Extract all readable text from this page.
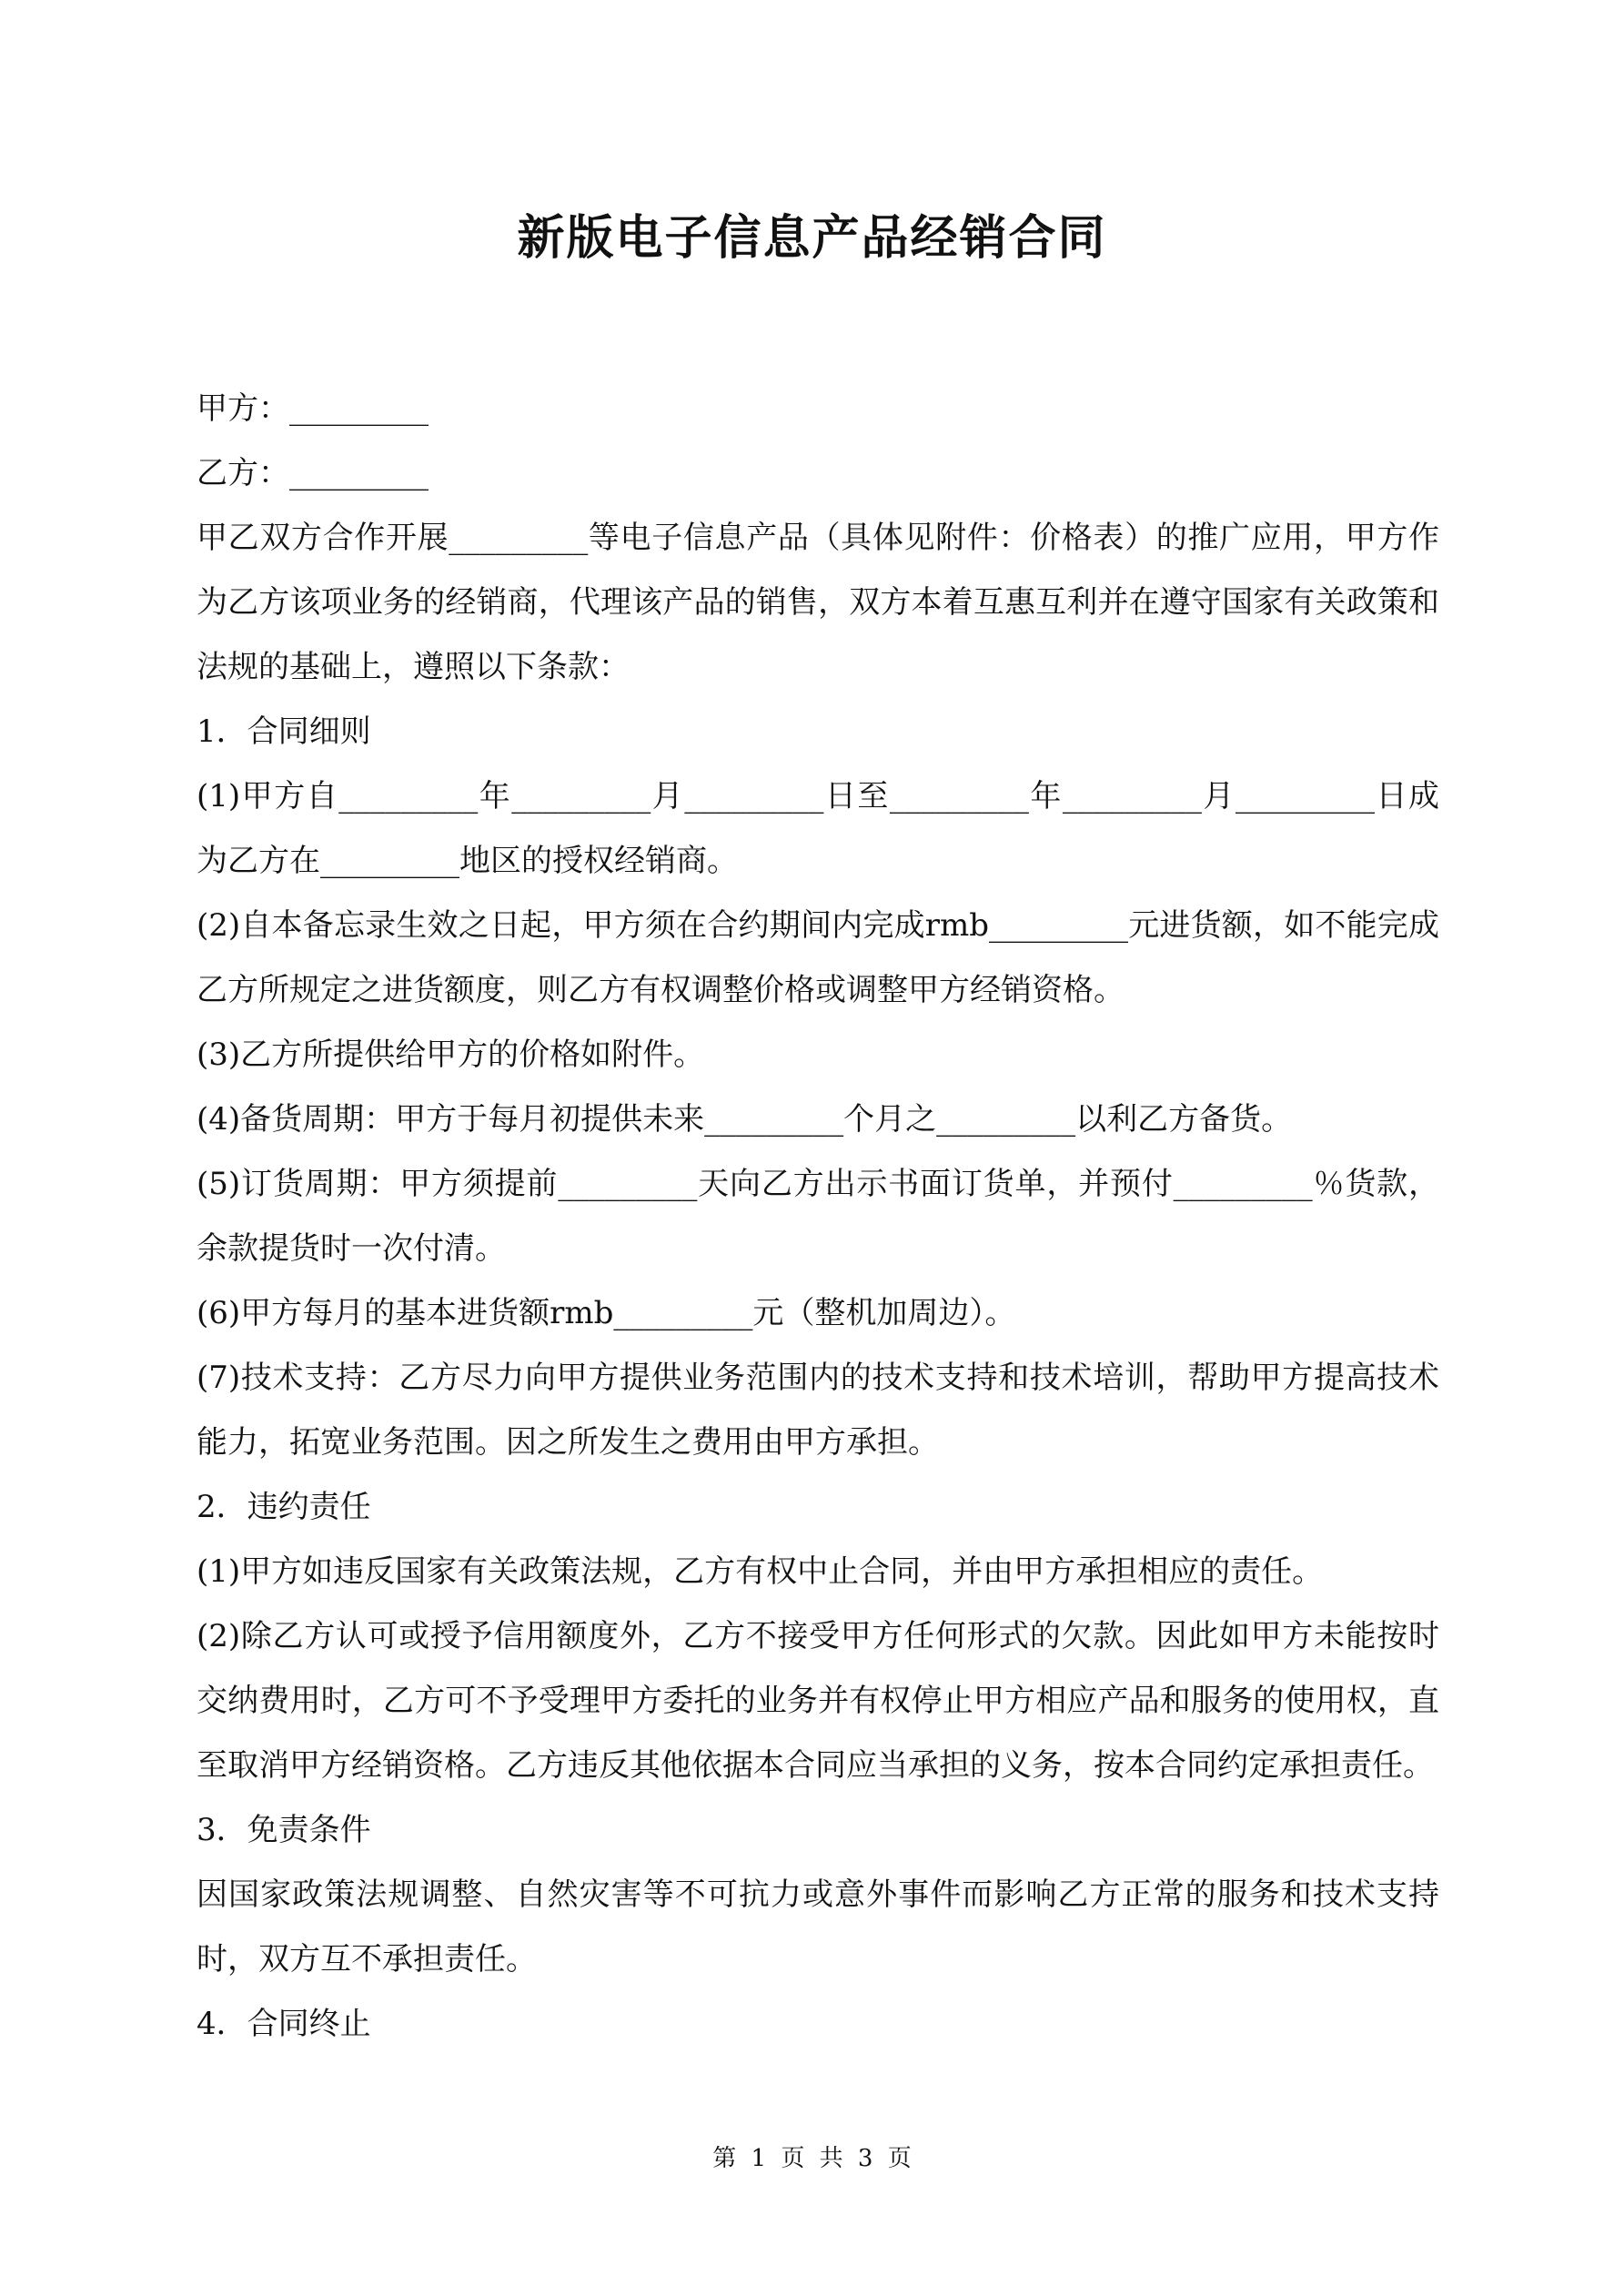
新版电子信息产品经销合同

甲方：_________

乙方：_________

甲乙双方合作开展_________等电子信息产品（具体见附件：价格表）的推广应用，甲方作为乙方该项业务的经销商，代理该产品的销售，双方本着互惠互利并在遵守国家有关政策和法规的基础上，遵照以下条款：

1．合同细则

(1)甲方自_________年_________月_________日至_________年_________月_________日成为乙方在_________地区的授权经销商。

(2)自本备忘录生效之日起，甲方须在合约期间内完成rmb_________元进货额，如不能完成乙方所规定之进货额度，则乙方有权调整价格或调整甲方经销资格。

(3)乙方所提供给甲方的价格如附件。

(4)备货周期：甲方于每月初提供未来_________个月之_________以利乙方备货。

(5)订货周期：甲方须提前_________天向乙方出示书面订货单，并预付_________％货款，余款提货时一次付清。

(6)甲方每月的基本进货额rmb_________元（整机加周边）。

(7)技术支持：乙方尽力向甲方提供业务范围内的技术支持和技术培训，帮助甲方提高技术能力，拓宽业务范围。因之所发生之费用由甲方承担。

2．违约责任

(1)甲方如违反国家有关政策法规，乙方有权中止合同，并由甲方承担相应的责任。

(2)除乙方认可或授予信用额度外，乙方不接受甲方任何形式的欠款。因此如甲方未能按时交纳费用时，乙方可不予受理甲方委托的业务并有权停止甲方相应产品和服务的使用权，直至取消甲方经销资格。乙方违反其他依据本合同应当承担的义务，按本合同约定承担责任。

3．免责条件

因国家政策法规调整、自然灾害等不可抗力或意外事件而影响乙方正常的服务和技术支持时，双方互不承担责任。

4．合同终止

第 1 页 共 3 页
